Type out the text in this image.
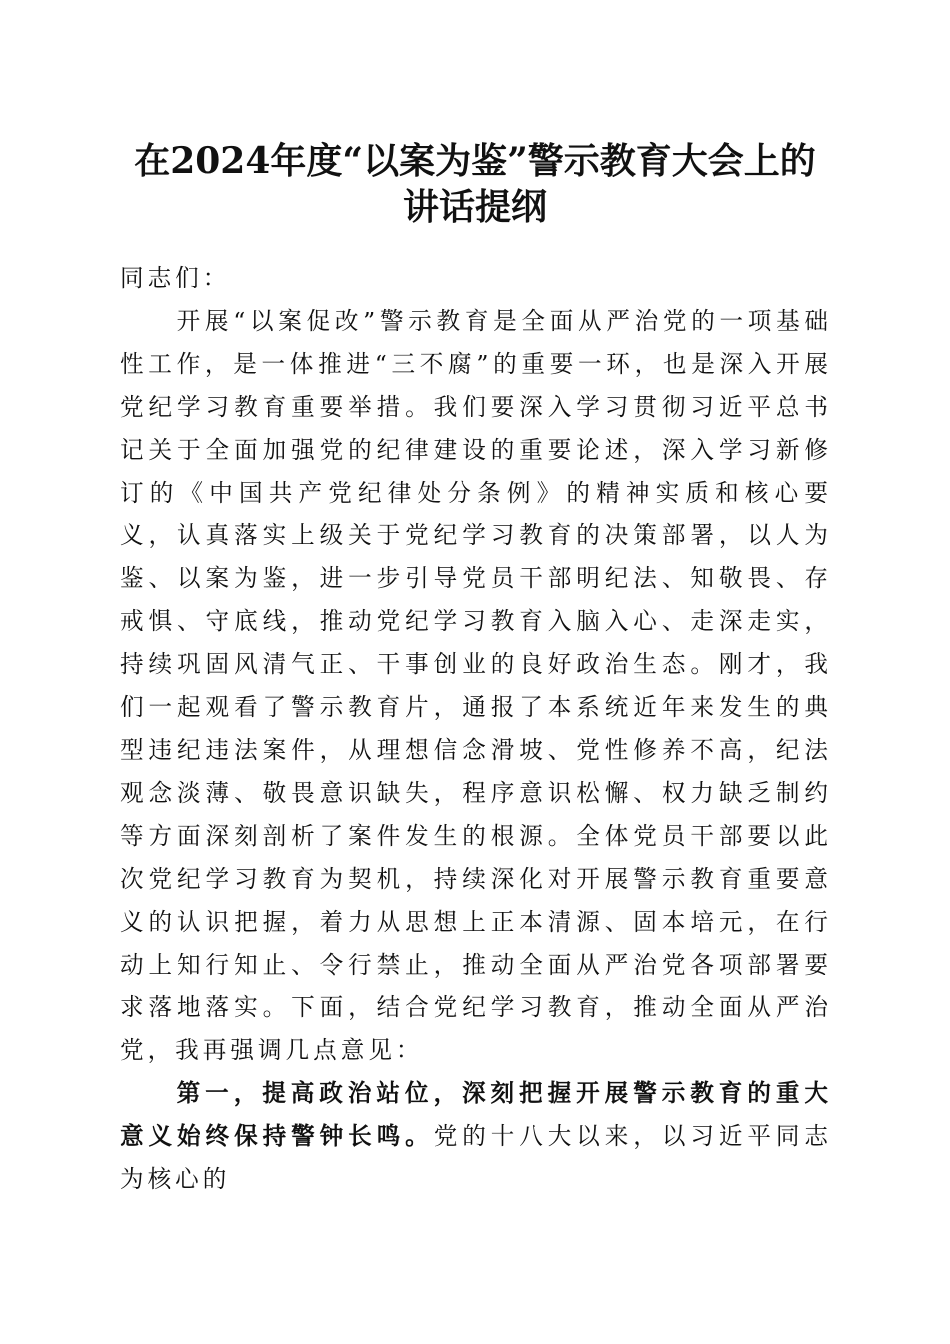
在2024年度“以案为鉴”警示教育大会上的
讲话提纲

同志们：

开展“以案促改”警示教育是全面从严治党的一项基础性工作，是一体推进“三不腐”的重要一环，也是深入开展党纪学习教育重要举措。我们要深入学习贯彻习近平总书记关于全面加强党的纪律建设的重要论述，深入学习新修订的《中国共产党纪律处分条例》的精神实质和核心要义，认真落实上级关于党纪学习教育的决策部署，以人为鉴、以案为鉴，进一步引导党员干部明纪法、知敬畏、存戒惧、守底线，推动党纪学习教育入脑入心、走深走实，持续巩固风清气正、干事创业的良好政治生态。刚才，我们一起观看了警示教育片，通报了本系统近年来发生的典型违纪违法案件，从理想信念滑坡、党性修养不高，纪法观念淡薄、敬畏意识缺失，程序意识松懈、权力缺乏制约等方面深刻剖析了案件发生的根源。全体党员干部要以此次党纪学习教育为契机，持续深化对开展警示教育重要意义的认识把握，着力从思想上正本清源、固本培元，在行动上知行知止、令行禁止，推动全面从严治党各项部署要求落地落实。下面，结合党纪学习教育，推动全面从严治党，我再强调几点意见：

第一，提高政治站位，深刻把握开展警示教育的重大意义始终保持警钟长鸣。党的十八大以来，以习近平同志为核心的
